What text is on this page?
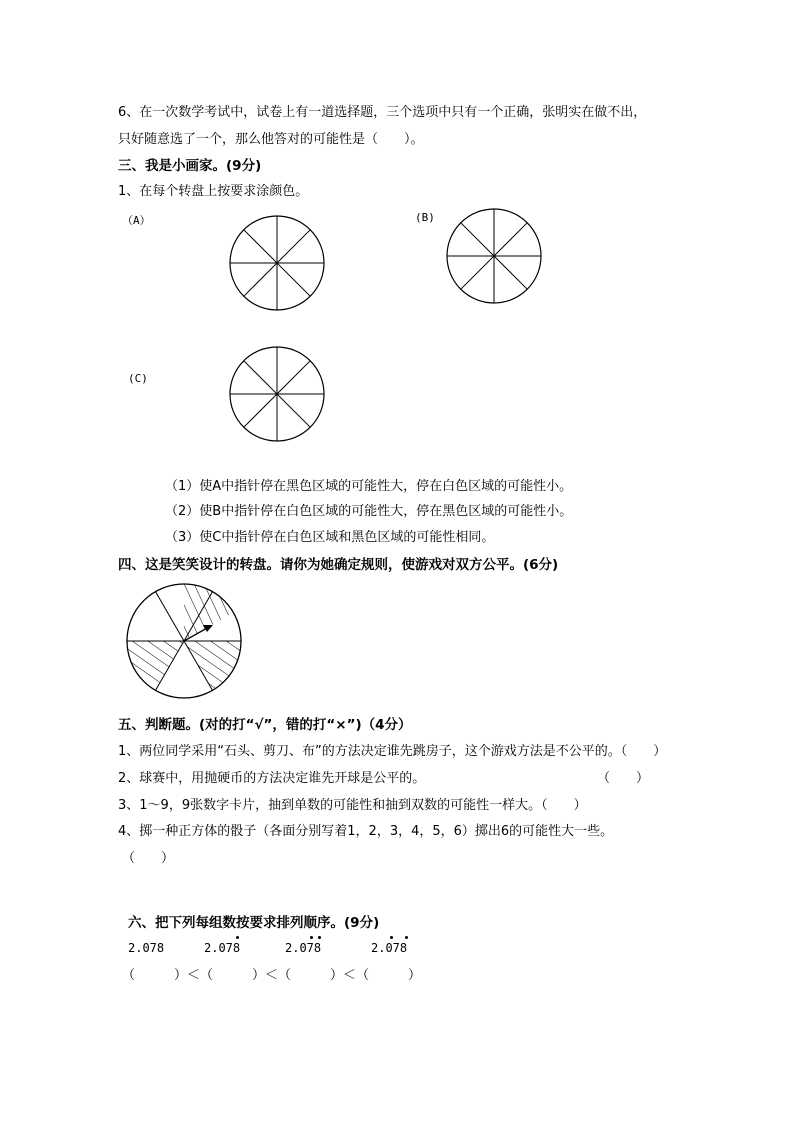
6、在一次数学考试中，试卷上有一道选择题，三个选项中只有一个正确，张明实在做不出，
只好随意选了一个，那么他答对的可能性是（　　）。
三、我是小画家。(9分)
1、在每个转盘上按要求涂颜色。
（A）	(B)
(C)
（1）使A中指针停在黑色区域的可能性大，停在白色区域的可能性小。
（2）使B中指针停在白色区域的可能性大，停在黑色区域的可能性小。
（3）使C中指针停在白色区域和黑色区域的可能性相同。
四、这是笑笑设计的转盘。请你为她确定规则，使游戏对双方公平。(6分)
五、判断题。(对的打“√”，错的打“×”)（4分）
1、两位同学采用“石头、剪刀、布”的方法决定谁先跳房子，这个游戏方法是不公平的。（　　）
2、球赛中，用抛硬币的方法决定谁先开球是公平的。	（　　）
3、1～9，9张数字卡片，抽到单数的可能性和抽到双数的可能性一样大。（　　）
4、掷一种正方体的骰子（各面分别写着1，2，3，4，5，6）掷出6的可能性大一些。
（　　）
六、把下列每组数按要求排列顺序。(9分)
2.078	2.078	2.078	2.078
（　　　）＜（　　　）＜（　　　）＜（　　　）
